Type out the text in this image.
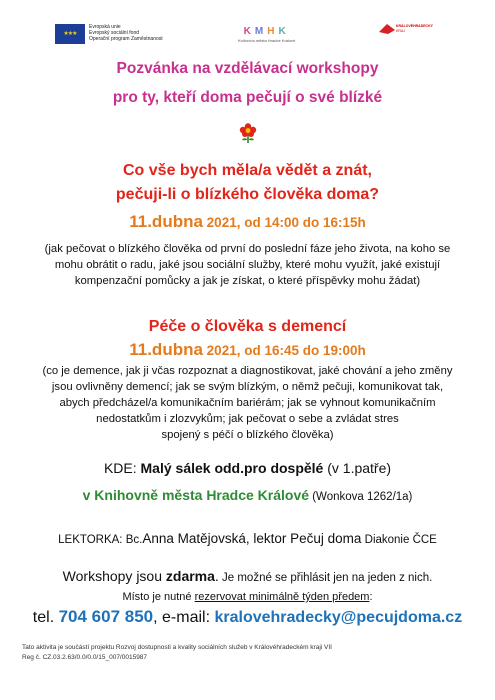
★★★
Evropská unie
Evropský sociální fond
Operační program Zaměstnanost
KMHK
Knihovna města Hradce Králové
KRÁLOVÉHRADECKÝ
KRAJ
Pozvánka na vzdělávací workshopy
pro ty, kteří doma pečují o své blízké
Co vše bych měla/a vědět a znát,
pečuji-li o blízkého člověka doma?
11.dubna 2021, od 14:00 do 16:15h
(jak pečovat o blízkého člověka od první do poslední fáze jeho života, na koho se
mohu obrátit o radu, jaké jsou sociální služby, které mohu využít, jaké existují
kompenzační pomůcky a jak je získat, o které příspěvky mohu žádat)
Péče o člověka s demencí
11.dubna 2021, od 16:45 do 19:00h
(co je demence, jak ji včas rozpoznat a diagnostikovat, jaké chování a jeho změny
jsou ovlivněny demencí; jak se svým blízkým, o němž pečuji, komunikovat tak,
abych předcházel/a komunikačním bariérám; jak se vyhnout komunikačním
nedostatkům i zlozvykům; jak pečovat o sebe a zvládat stres
spojený s péčí o blízkého člověka)
KDE: Malý sálek odd.pro dospělé (v 1.patře)
v Knihovně města Hradce Králové (Wonkova 1262/1a)
LEKTORKA: Bc.Anna Matějovská, lektor Pečuj doma Diakonie ČCE
Workshopy jsou zdarma. Je možné se přihlásit jen na jeden z nich.
Místo je nutné rezervovat minimálně týden předem:
tel. 704 607 850, e-mail: kralovehradecky@pecujdoma.cz
Tato aktivita je součástí projektu Rozvoj dostupnosti a kvality sociálních služeb v Královéhradeckém kraji VII
Reg č. CZ.03.2.63/0.0/0.0/15_007/0015987
